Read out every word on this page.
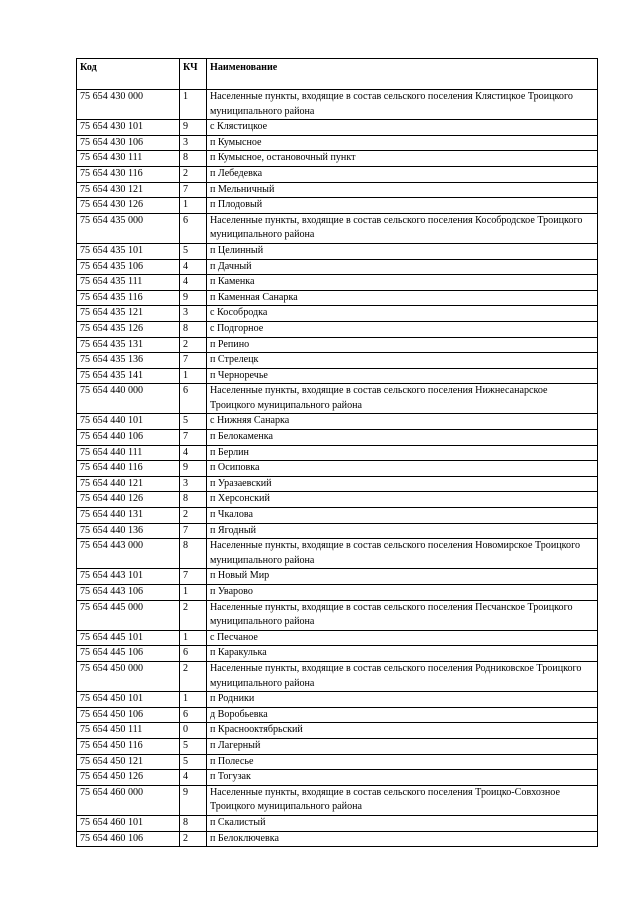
Код	КЧ	Наименование
75 654 430 000	1	Населенные пункты, входящие в состав сельского поселения Клястицкое Троицкого муниципального района
75 654 430 101	9	с Клястицкое
75 654 430 106	3	п Кумысное
75 654 430 111	8	п Кумысное, остановочный пункт
75 654 430 116	2	п Лебедевка
75 654 430 121	7	п Мельничный
75 654 430 126	1	п Плодовый
75 654 435 000	6	Населенные пункты, входящие в состав сельского поселения Кособродское Троицкого муниципального района
75 654 435 101	5	п Целинный
75 654 435 106	4	п Дачный
75 654 435 111	4	п Каменка
75 654 435 116	9	п Каменная Санарка
75 654 435 121	3	с Кособродка
75 654 435 126	8	с Подгорное
75 654 435 131	2	п Репино
75 654 435 136	7	п Стрелецк
75 654 435 141	1	п Черноречье
75 654 440 000	6	Населенные пункты, входящие в состав сельского поселения Нижнесанарское Троицкого муниципального района
75 654 440 101	5	с Нижняя Санарка
75 654 440 106	7	п Белокаменка
75 654 440 111	4	п Берлин
75 654 440 116	9	п Осиповка
75 654 440 121	3	п Уразаевский
75 654 440 126	8	п Херсонский
75 654 440 131	2	п Чкалова
75 654 440 136	7	п Ягодный
75 654 443 000	8	Населенные пункты, входящие в состав сельского поселения Новомирское Троицкого муниципального района
75 654 443 101	7	п Новый Мир
75 654 443 106	1	п Уварово
75 654 445 000	2	Населенные пункты, входящие в состав сельского поселения Песчанское Троицкого муниципального района
75 654 445 101	1	с Песчаное
75 654 445 106	6	п Каракулька
75 654 450 000	2	Населенные пункты, входящие в состав сельского поселения Родниковское Троицкого муниципального района
75 654 450 101	1	п Родники
75 654 450 106	6	д Воробьевка
75 654 450 111	0	п Краснооктябрьский
75 654 450 116	5	п Лагерный
75 654 450 121	5	п Полесье
75 654 450 126	4	п Тогузак
75 654 460 000	9	Населенные пункты, входящие в состав сельского поселения Троицко-Совхозное Троицкого муниципального района
75 654 460 101	8	п Скалистый
75 654 460 106	2	п Белоключевка
